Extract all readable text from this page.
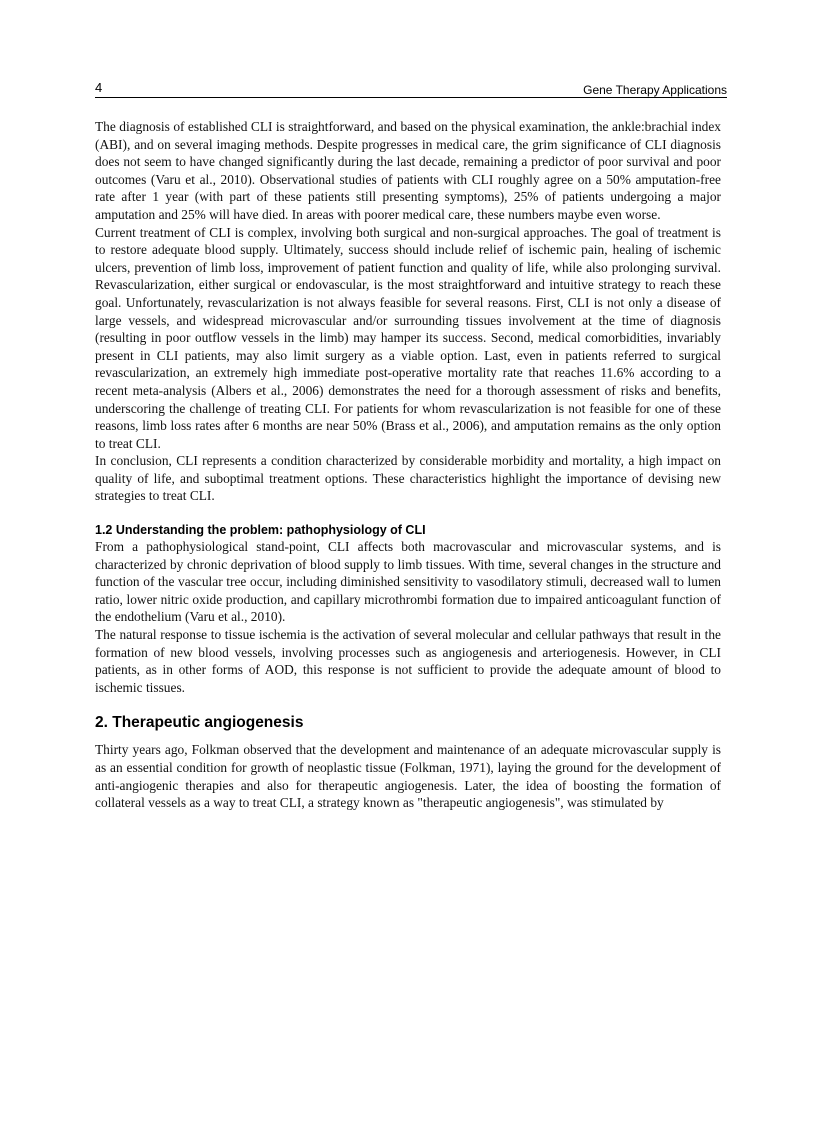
4	Gene Therapy Applications

The diagnosis of established CLI is straightforward, and based on the physical examination, the ankle:brachial index (ABI), and on several imaging methods. Despite progresses in medical care, the grim significance of CLI diagnosis does not seem to have changed significantly during the last decade, remaining a predictor of poor survival and poor outcomes (Varu et al., 2010). Observational studies of patients with CLI roughly agree on a 50% amputation-free rate after 1 year (with part of these patients still presenting symptoms), 25% of patients undergoing a major amputation and 25% will have died. In areas with poorer medical care, these numbers maybe even worse.

Current treatment of CLI is complex, involving both surgical and non-surgical approaches. The goal of treatment is to restore adequate blood supply. Ultimately, success should include relief of ischemic pain, healing of ischemic ulcers, prevention of limb loss, improvement of patient function and quality of life, while also prolonging survival. Revascularization, either surgical or endovascular, is the most straightforward and intuitive strategy to reach these goal. Unfortunately, revascularization is not always feasible for several reasons. First, CLI is not only a disease of large vessels, and widespread microvascular and/or surrounding tissues involvement at the time of diagnosis (resulting in poor outflow vessels in the limb) may hamper its success. Second, medical comorbidities, invariably present in CLI patients, may also limit surgery as a viable option. Last, even in patients referred to surgical revascularization, an extremely high immediate post-operative mortality rate that reaches 11.6% according to a recent meta-analysis (Albers et al., 2006) demonstrates the need for a thorough assessment of risks and benefits, underscoring the challenge of treating CLI. For patients for whom revascularization is not feasible for one of these reasons, limb loss rates after 6 months are near 50% (Brass et al., 2006), and amputation remains as the only option to treat CLI.

In conclusion, CLI represents a condition characterized by considerable morbidity and mortality, a high impact on quality of life, and suboptimal treatment options. These characteristics highlight the importance of devising new strategies to treat CLI.

1.2 Understanding the problem: pathophysiology of CLI

From a pathophysiological stand-point, CLI affects both macrovascular and microvascular systems, and is characterized by chronic deprivation of blood supply to limb tissues. With time, several changes in the structure and function of the vascular tree occur, including diminished sensitivity to vasodilatory stimuli, decreased wall to lumen ratio, lower nitric oxide production, and capillary microthrombi formation due to impaired anticoagulant function of the endothelium (Varu et al., 2010).

The natural response to tissue ischemia is the activation of several molecular and cellular pathways that result in the formation of new blood vessels, involving processes such as angiogenesis and arteriogenesis. However, in CLI patients, as in other forms of AOD, this response is not sufficient to provide the adequate amount of blood to ischemic tissues.

2. Therapeutic angiogenesis

Thirty years ago, Folkman observed that the development and maintenance of an adequate microvascular supply is as an essential condition for growth of neoplastic tissue (Folkman, 1971), laying the ground for the development of anti-angiogenic therapies and also for therapeutic angiogenesis. Later, the idea of boosting the formation of collateral vessels as a way to treat CLI, a strategy known as "therapeutic angiogenesis", was stimulated by
